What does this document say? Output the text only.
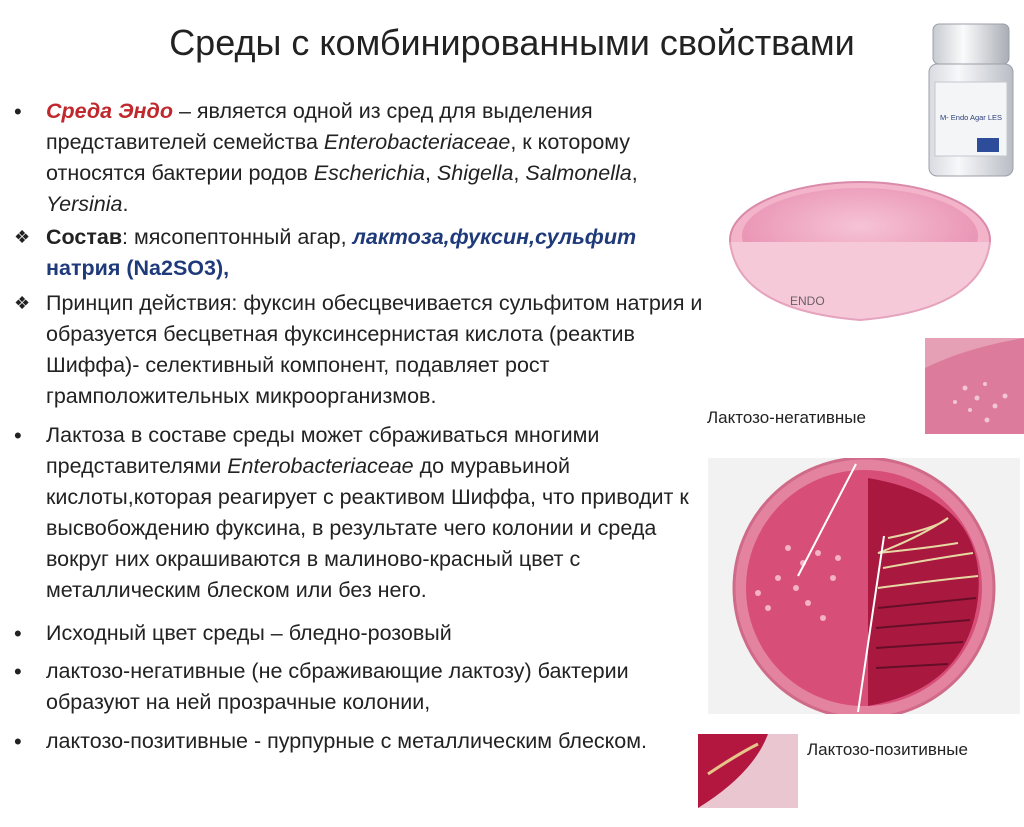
Среды с комбинированными свойствами
•	Среда Эндо – является одной из сред для выделения представителей семейства Enterobacteriaceae, к которому относятся бактерии родов Escherichia, Shigella, Salmonella, Yersinia.
❖ Состав: мясопептонный агар, лактоза,фуксин,сульфит
натрия (Na2SO3),
❖ Принцип действия: фуксин обесцвечивается сульфитом натрия и образуется бесцветная фуксинсернистая кислота (реактив Шиффа)- селективный компонент, подавляет рост грамположительных микроорганизмов.
•	Лактоза в составе среды может сбраживаться многими представителями Enterobacteriaceae до муравьиной кислоты,которая реагирует с реактивом Шиффа, что приводит к высвобождению фуксина, в результате чего колонии и среда вокруг них окрашиваются в малиново-красный цвет с металлическим блеском или без него.
•	Исходный цвет среды – бледно-розовый
•	лактозо-негативные (не сбраживающие лактозу) бактерии образуют на ней прозрачные колонии,
•	лактозо-позитивные - пурпурные с металлическим блеском.
M- Endo Agar LES
ENDO
Лактозо-негативные
Лактозо-позитивные
